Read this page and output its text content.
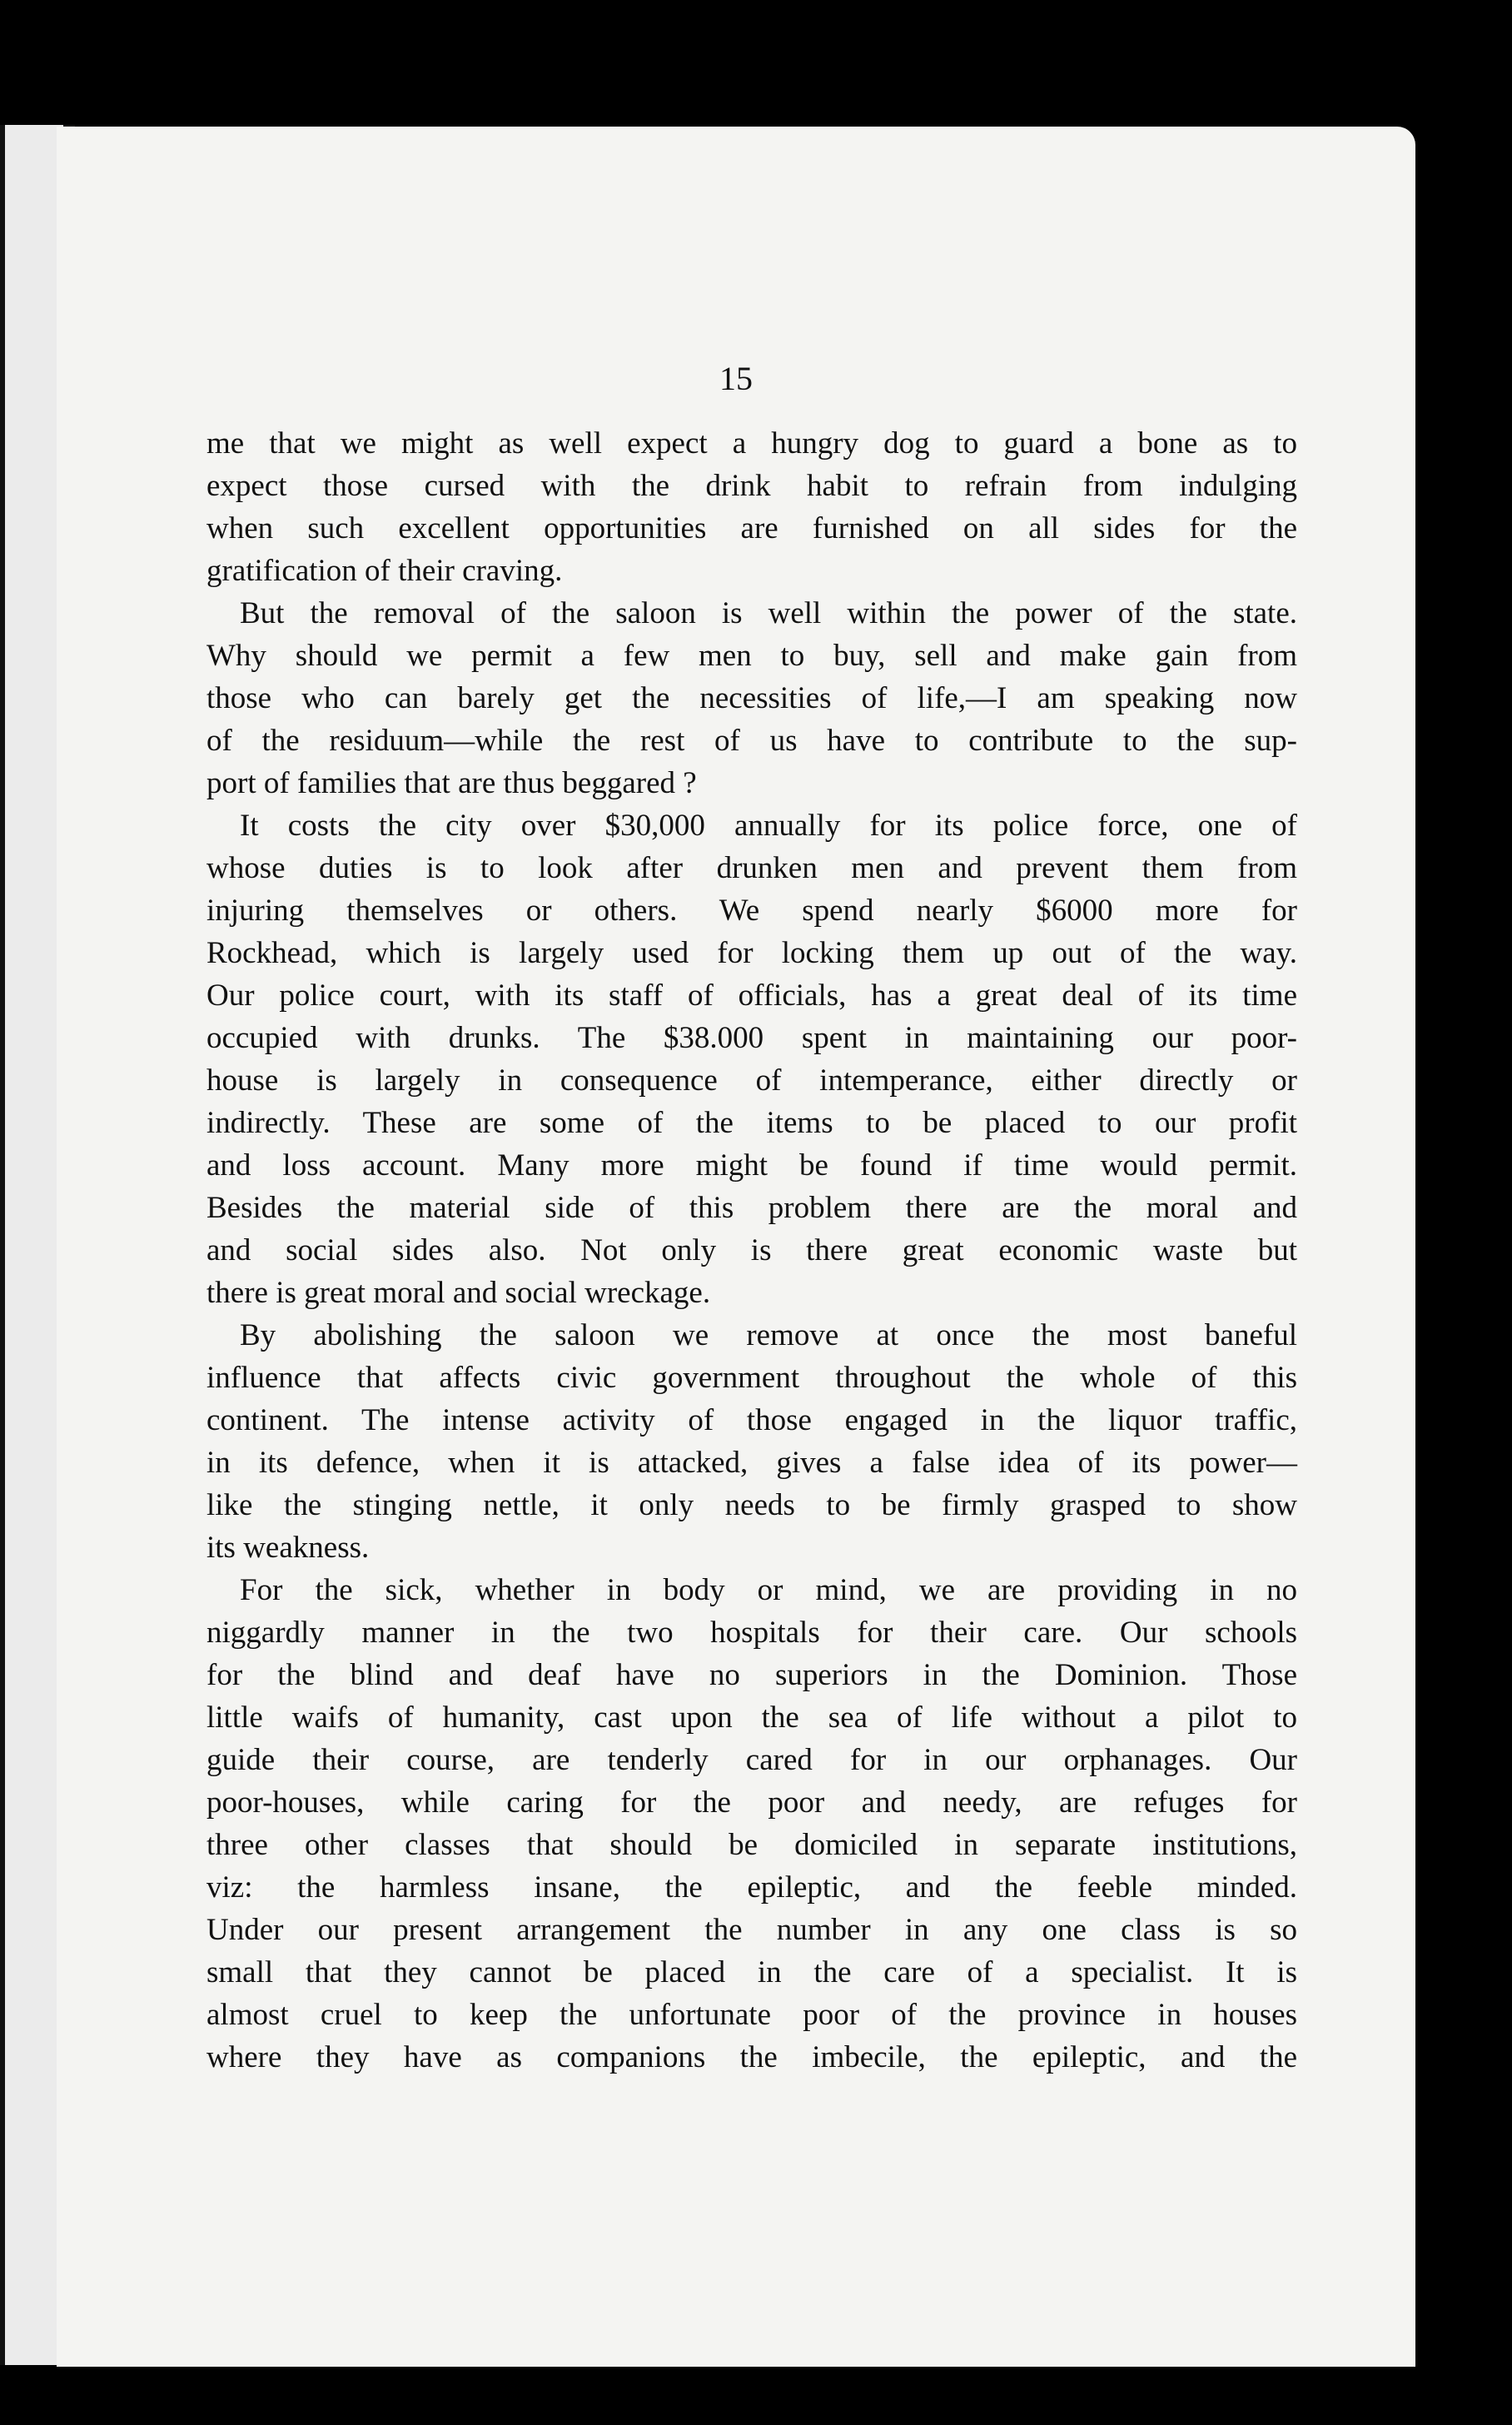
15
me that we might as well expect a hungry dog to guard a bone as to
expect those cursed with the drink habit to refrain from indulging
when such excellent opportunities are furnished on all sides for the
gratification of their craving.
But the removal of the saloon is well within the power of the state.
Why should we permit a few men to buy, sell and make gain from
those who can barely get the necessities of life,—I am speaking now
of the residuum—while the rest of us have to contribute to the sup-
port of families that are thus beggared ?
It costs the city over $30,000 annually for its police force, one of
whose duties is to look after drunken men and prevent them from
injuring themselves or others. We spend nearly $6000 more for
Rockhead, which is largely used for locking them up out of the way.
Our police court, with its staff of officials, has a great deal of its time
occupied with drunks. The $38.000 spent in maintaining our poor-
house is largely in consequence of intemperance, either directly or
indirectly. These are some of the items to be placed to our profit
and loss account. Many more might be found if time would permit.
Besides the material side of this problem there are the moral and
and social sides also. Not only is there great economic waste but
there is great moral and social wreckage.
By abolishing the saloon we remove at once the most baneful
influence that affects civic government throughout the whole of this
continent. The intense activity of those engaged in the liquor traffic,
in its defence, when it is attacked, gives a false idea of its power—
like the stinging nettle, it only needs to be firmly grasped to show
its weakness.
For the sick, whether in body or mind, we are providing in no
niggardly manner in the two hospitals for their care. Our schools
for the blind and deaf have no superiors in the Dominion. Those
little waifs of humanity, cast upon the sea of life without a pilot to
guide their course, are tenderly cared for in our orphanages. Our
poor-houses, while caring for the poor and needy, are refuges for
three other classes that should be domiciled in separate institutions,
viz: the harmless insane, the epileptic, and the feeble minded.
Under our present arrangement the number in any one class is so
small that they cannot be placed in the care of a specialist. It is
almost cruel to keep the unfortunate poor of the province in houses
where they have as companions the imbecile, the epileptic, and the
